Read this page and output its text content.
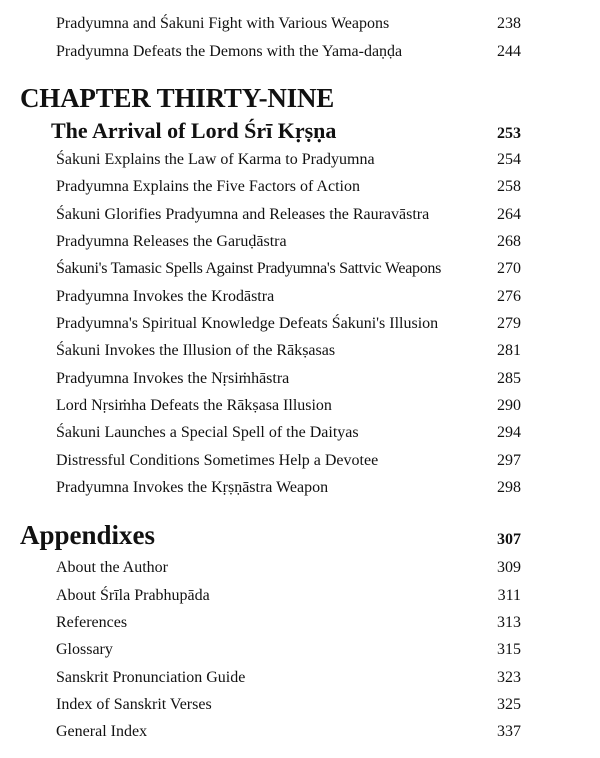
Pradyumna and Śakuni Fight with Various Weapons	238
Pradyumna Defeats the Demons with the Yama-daṇḍa	244
CHAPTER THIRTY-NINE
The Arrival of Lord Śrī Kṛṣṇa	253
Śakuni Explains the Law of Karma to Pradyumna	254
Pradyumna Explains the Five Factors of Action	258
Śakuni Glorifies Pradyumna and Releases the Rauravāstra	264
Pradyumna Releases the Garuḍāstra	268
Śakuni's Tamasic Spells Against Pradyumna's Sattvic Weapons	270
Pradyumna Invokes the Krodāstra	276
Pradyumna's Spiritual Knowledge Defeats Śakuni's Illusion	279
Śakuni Invokes the Illusion of the Rākṣasas	281
Pradyumna Invokes the Nṛsiṁhāstra	285
Lord Nṛsiṁha Defeats the Rākṣasa Illusion	290
Śakuni Launches a Special Spell of the Daityas	294
Distressful Conditions Sometimes Help a Devotee	297
Pradyumna Invokes the Kṛṣṇāstra Weapon	298
Appendixes	307
About the Author	309
About Śrīla Prabhupāda	311
References	313
Glossary	315
Sanskrit Pronunciation Guide	323
Index of Sanskrit Verses	325
General Index	337
